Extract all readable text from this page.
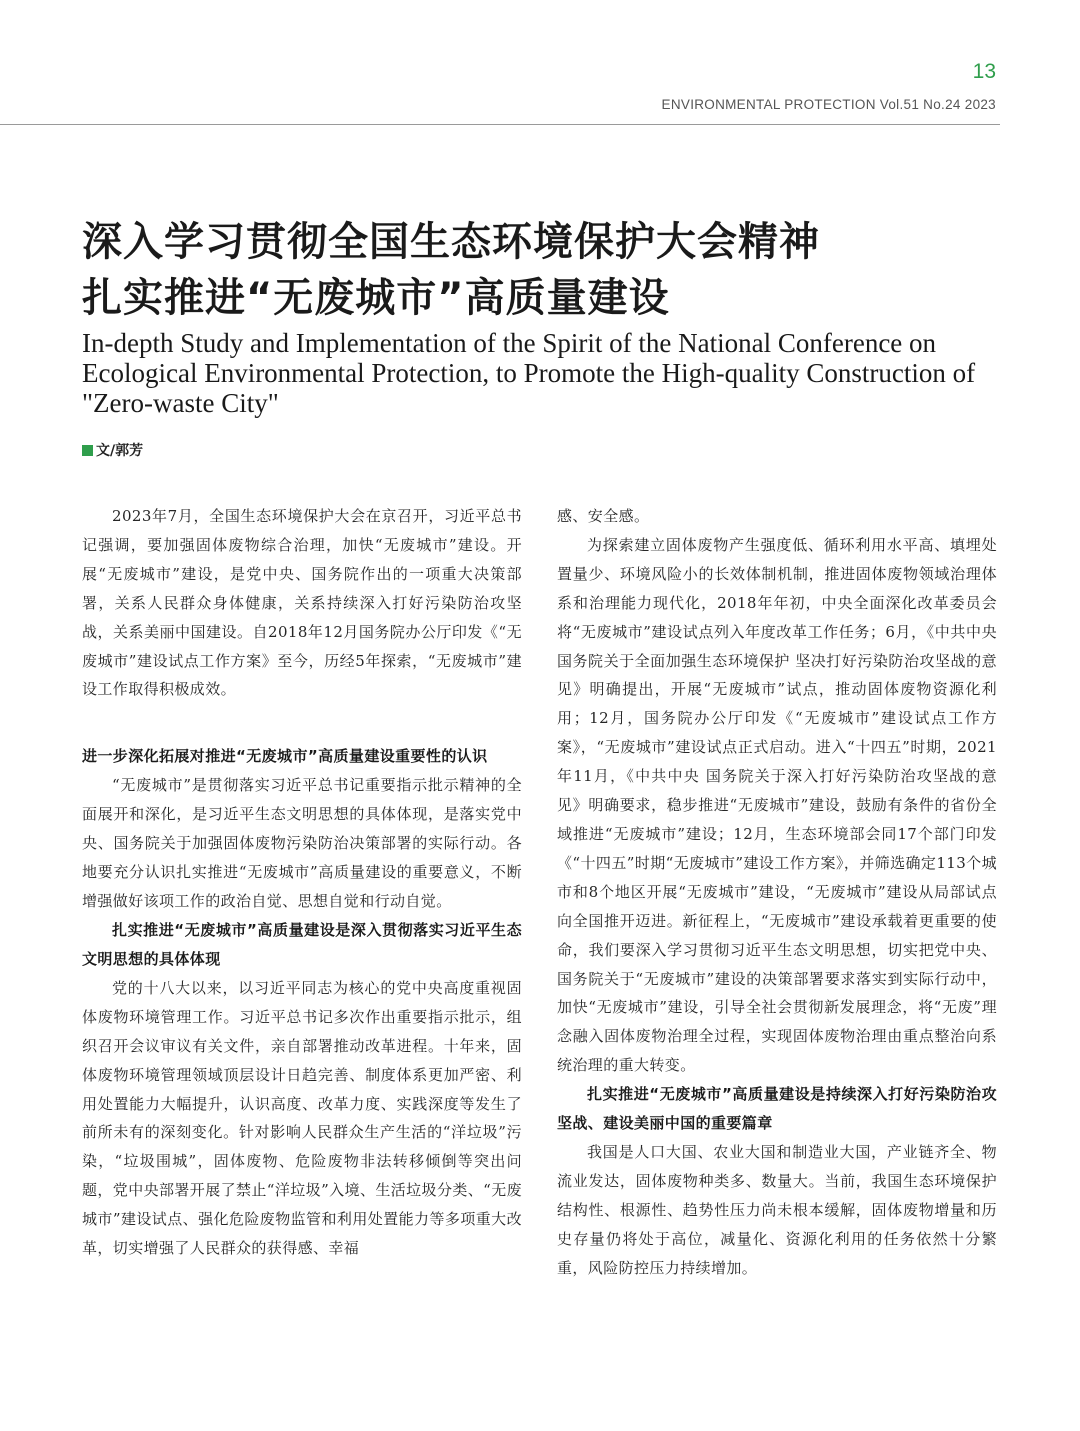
13
ENVIRONMENTAL PROTECTION Vol.51 No.24 2023
深入学习贯彻全国生态环境保护大会精神
扎实推进“无废城市”高质量建设
In-depth Study and Implementation of the Spirit of the National Conference on Ecological Environmental Protection, to Promote the High-quality Construction of "Zero-waste City"
文/郭芳

2023年7月，全国生态环境保护大会在京召开，习近平总书记强调，要加强固体废物综合治理，加快“无废城市”建设。开展“无废城市”建设，是党中央、国务院作出的一项重大决策部署，关系人民群众身体健康，关系持续深入打好污染防治攻坚战，关系美丽中国建设。自2018年12月国务院办公厅印发《“无废城市”建设试点工作方案》至今，历经5年探索，“无废城市”建设工作取得积极成效。

进一步深化拓展对推进“无废城市”高质量建设重要性的认识

“无废城市”是贯彻落实习近平总书记重要指示批示精神的全面展开和深化，是习近平生态文明思想的具体体现，是落实党中央、国务院关于加强固体废物污染防治决策部署的实际行动。各地要充分认识扎实推进“无废城市”高质量建设的重要意义，不断增强做好该项工作的政治自觉、思想自觉和行动自觉。

扎实推进“无废城市”高质量建设是深入贯彻落实习近平生态文明思想的具体体现

党的十八大以来，以习近平同志为核心的党中央高度重视固体废物环境管理工作。习近平总书记多次作出重要指示批示，组织召开会议审议有关文件，亲自部署推动改革进程。十年来，固体废物环境管理领域顶层设计日趋完善、制度体系更加严密、利用处置能力大幅提升，认识高度、改革力度、实践深度等发生了前所未有的深刻变化。针对影响人民群众生产生活的“洋垃圾”污染，“垃圾围城”，固体废物、危险废物非法转移倾倒等突出问题，党中央部署开展了禁止“洋垃圾”入境、生活垃圾分类、“无废城市”建设试点、强化危险废物监管和利用处置能力等多项重大改革，切实增强了人民群众的获得感、幸福

感、安全感。

为探索建立固体废物产生强度低、循环利用水平高、填埋处置量少、环境风险小的长效体制机制，推进固体废物领域治理体系和治理能力现代化，2018年年初，中央全面深化改革委员会将“无废城市”建设试点列入年度改革工作任务；6月，《中共中央 国务院关于全面加强生态环境保护 坚决打好污染防治攻坚战的意见》明确提出，开展“无废城市”试点，推动固体废物资源化利用；12月，国务院办公厅印发《“无废城市”建设试点工作方案》，“无废城市”建设试点正式启动。进入“十四五”时期，2021年11月，《中共中央 国务院关于深入打好污染防治攻坚战的意见》明确要求，稳步推进“无废城市”建设，鼓励有条件的省份全域推进“无废城市”建设；12月，生态环境部会同17个部门印发《“十四五”时期“无废城市”建设工作方案》，并筛选确定113个城市和8个地区开展“无废城市”建设，“无废城市”建设从局部试点向全国推开迈进。新征程上，“无废城市”建设承载着更重要的使命，我们要深入学习贯彻习近平生态文明思想，切实把党中央、国务院关于“无废城市”建设的决策部署要求落实到实际行动中，加快“无废城市”建设，引导全社会贯彻新发展理念，将“无废”理念融入固体废物治理全过程，实现固体废物治理由重点整治向系统治理的重大转变。

扎实推进“无废城市”高质量建设是持续深入打好污染防治攻坚战、建设美丽中国的重要篇章

我国是人口大国、农业大国和制造业大国，产业链齐全、物流业发达，固体废物种类多、数量大。当前，我国生态环境保护结构性、根源性、趋势性压力尚未根本缓解，固体废物增量和历史存量仍将处于高位，减量化、资源化利用的任务依然十分繁重，风险防控压力持续增加。
